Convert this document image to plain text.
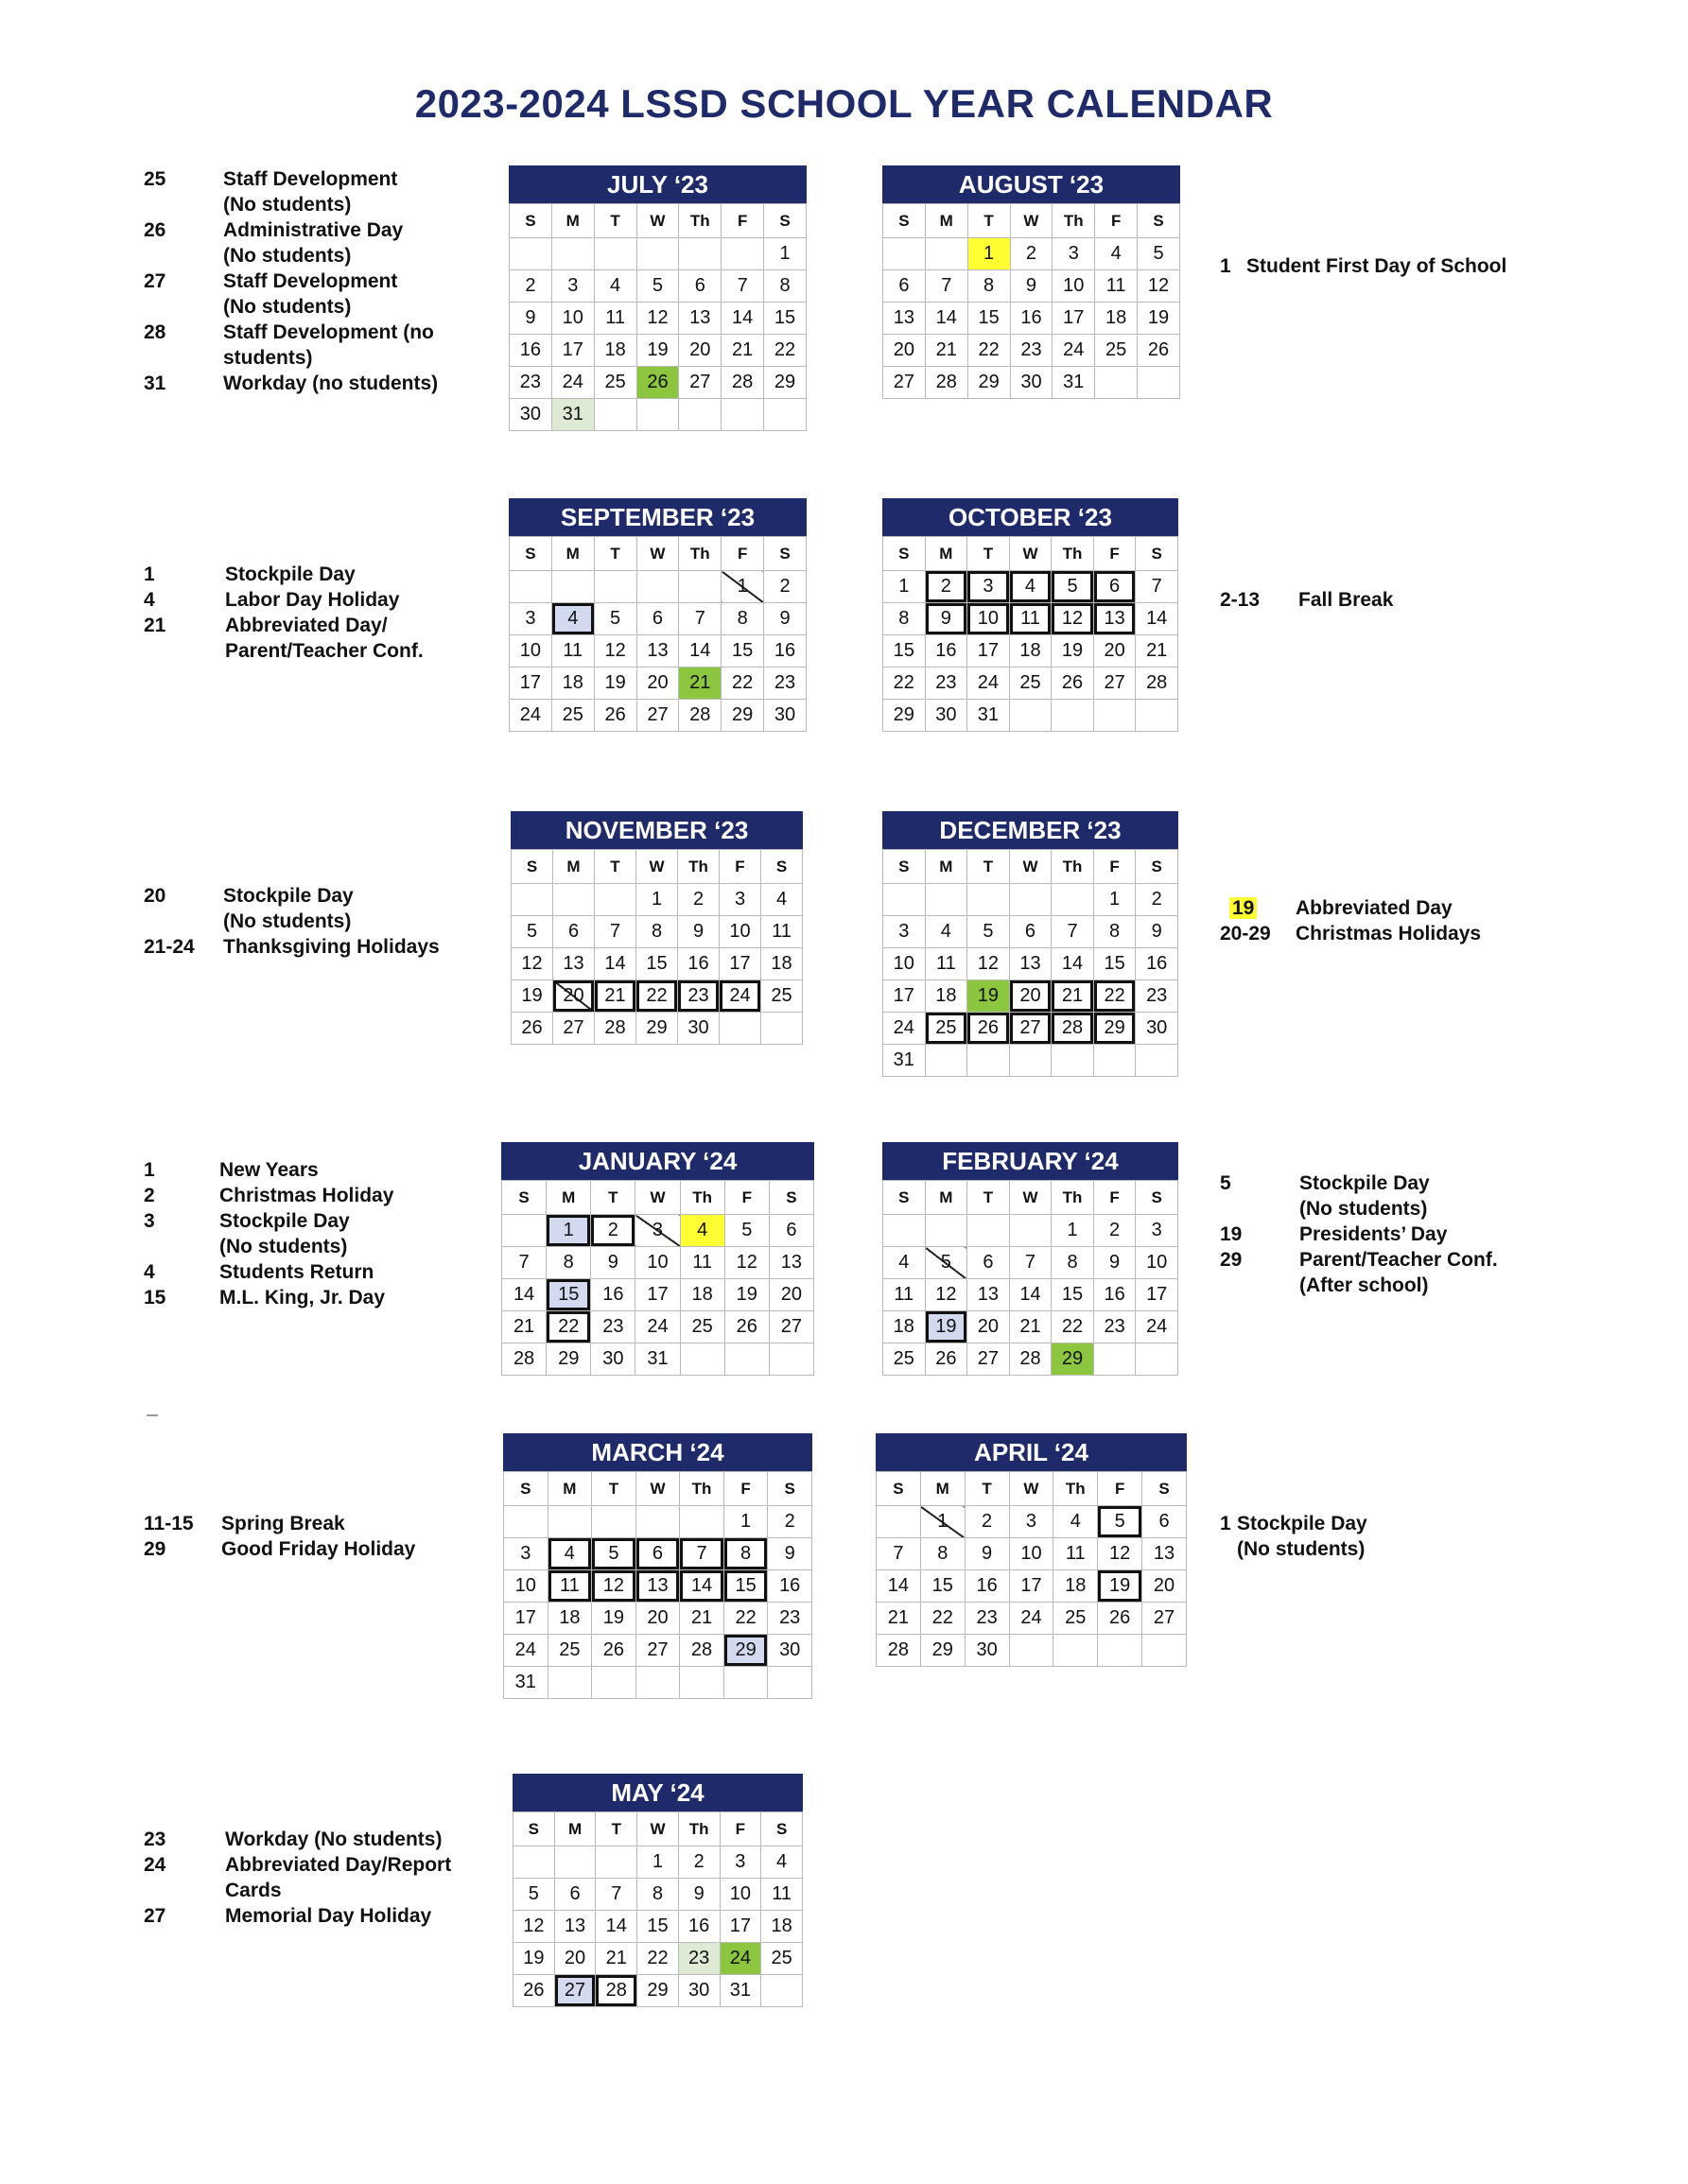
2023-2024 LSSD SCHOOL YEAR CALENDAR
JULY ‘23
S	M	T	W	Th	F	S
						1
2	3	4	5	6	7	8
9	10	11	12	13	14	15
16	17	18	19	20	21	22
23	24	25	26	27	28	29
30	31					
AUGUST ‘23
S	M	T	W	Th	F	S
		1	2	3	4	5
6	7	8	9	10	11	12
13	14	15	16	17	18	19
20	21	22	23	24	25	26
27	28	29	30	31		
SEPTEMBER ‘23
S	M	T	W	Th	F	S
					1	2
3	4	5	6	7	8	9
10	11	12	13	14	15	16
17	18	19	20	21	22	23
24	25	26	27	28	29	30
OCTOBER ‘23
S	M	T	W	Th	F	S
1	2	3	4	5	6	7
8	9	10	11	12	13	14
15	16	17	18	19	20	21
22	23	24	25	26	27	28
29	30	31				
NOVEMBER ‘23
S	M	T	W	Th	F	S
			1	2	3	4
5	6	7	8	9	10	11
12	13	14	15	16	17	18
19	20	21	22	23	24	25
26	27	28	29	30		
DECEMBER ‘23
S	M	T	W	Th	F	S
					1	2
3	4	5	6	7	8	9
10	11	12	13	14	15	16
17	18	19	20	21	22	23
24	25	26	27	28	29	30
31						
JANUARY ‘24
S	M	T	W	Th	F	S
	1	2	3	4	5	6
7	8	9	10	11	12	13
14	15	16	17	18	19	20
21	22	23	24	25	26	27
28	29	30	31			
FEBRUARY ‘24
S	M	T	W	Th	F	S
				1	2	3
4	5	6	7	8	9	10
11	12	13	14	15	16	17
18	19	20	21	22	23	24
25	26	27	28	29		
MARCH ‘24
S	M	T	W	Th	F	S
					1	2
3	4	5	6	7	8	9
10	11	12	13	14	15	16
17	18	19	20	21	22	23
24	25	26	27	28	29	30
31						
APRIL ‘24
S	M	T	W	Th	F	S
	1	2	3	4	5	6
7	8	9	10	11	12	13
14	15	16	17	18	19	20
21	22	23	24	25	26	27
28	29	30				
MAY ‘24
S	M	T	W	Th	F	S
			1	2	3	4
5	6	7	8	9	10	11
12	13	14	15	16	17	18
19	20	21	22	23	24	25
26	27	28	29	30	31	
25	Staff Development
(No students)
26	Administrative Day
(No students)
27	Staff Development
(No students)
28	Staff Development (no
students)
31	Workday (no students)
1 Student First Day of School
1	Stockpile Day
4	Labor Day Holiday
21	Abbreviated Day/
Parent/Teacher Conf.
2-13	Fall Break
20	Stockpile Day
(No students)
21-24	Thanksgiving Holidays
19	Abbreviated Day
20-29	Christmas Holidays
1	New Years
2	Christmas Holiday
3	Stockpile Day
(No students)
4	Students Return
15	M.L. King, Jr. Day
5	Stockpile Day
(No students)
19	Presidents’ Day
29	Parent/Teacher Conf.
(After school)
11-15	Spring Break
29	Good Friday Holiday
1 Stockpile Day
(No students)
23	Workday (No students)
24	Abbreviated Day/Report
Cards
27	Memorial Day Holiday
